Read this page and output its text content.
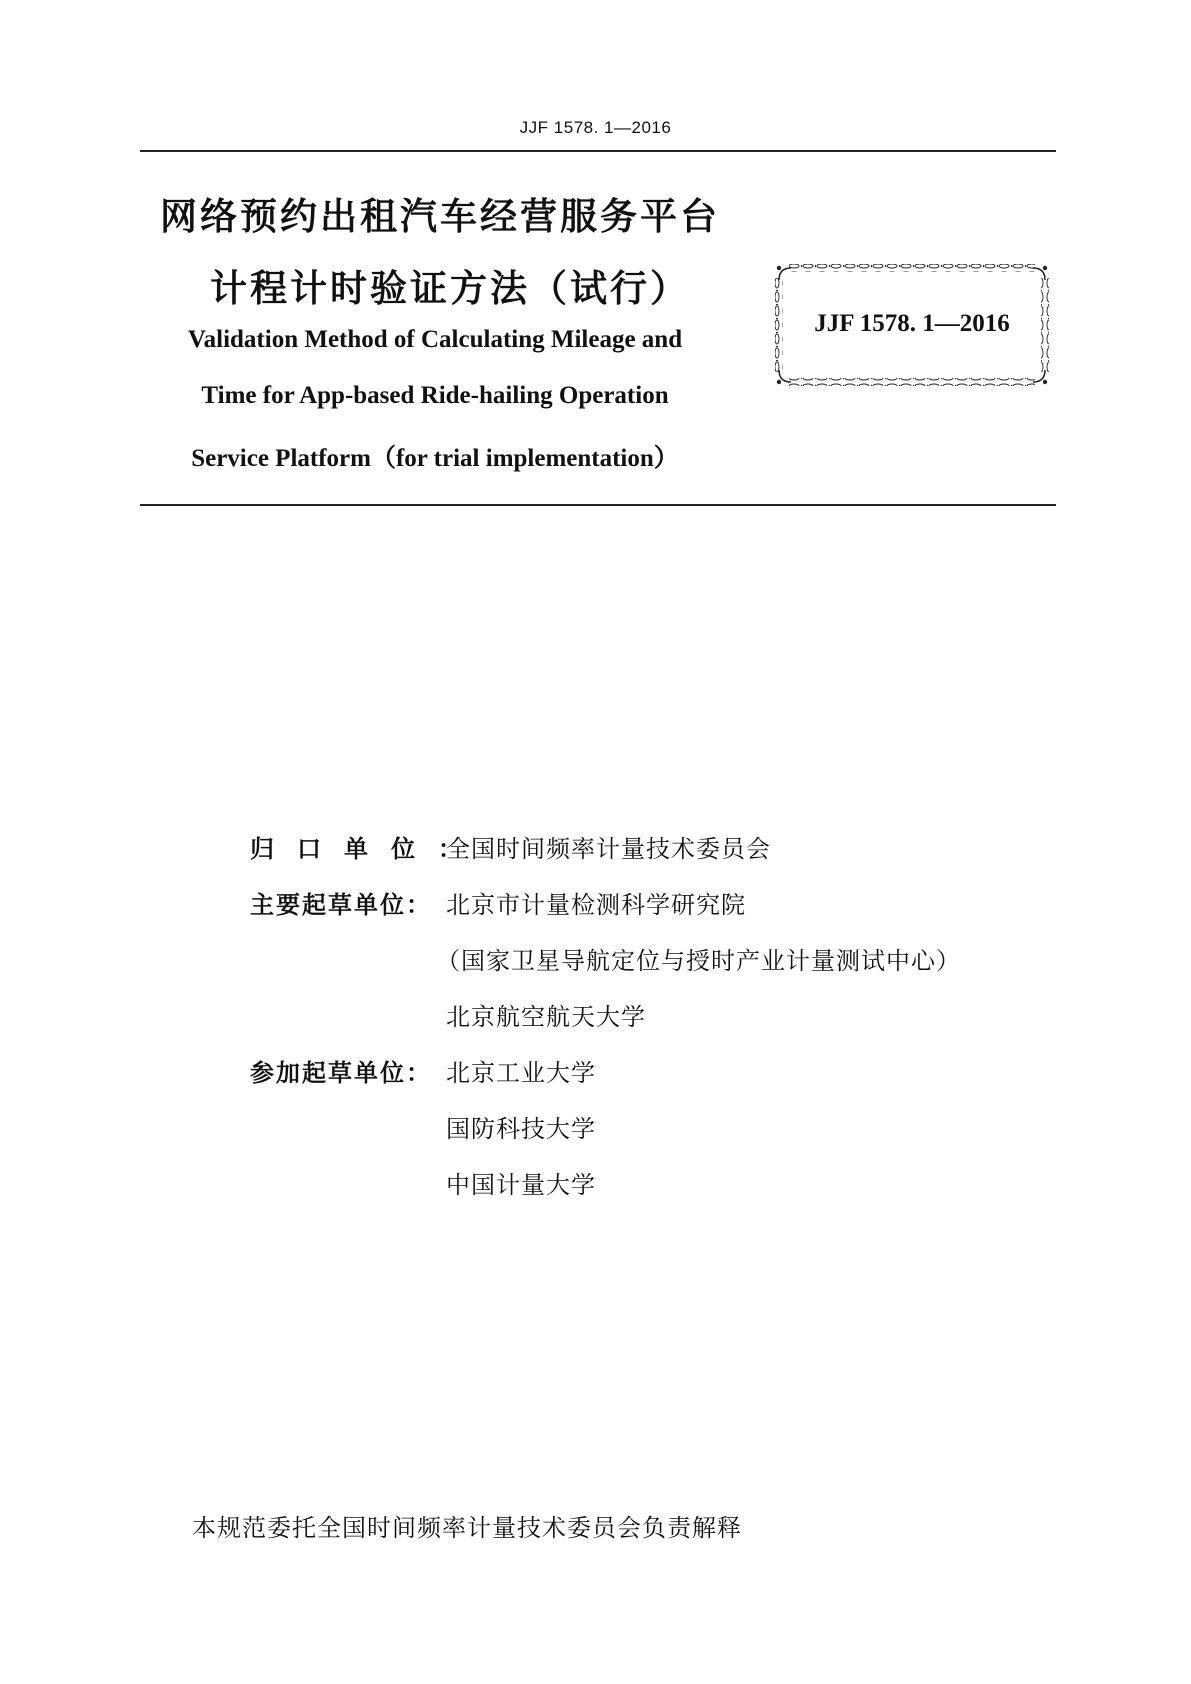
JJF 1578. 1—2016
网络预约出租汽车经营服务平台
计程计时验证方法（试行）
Validation Method of Calculating Mileage and
Time for App-based Ride-hailing Operation
Service Platform（for trial implementation）
JJF 1578. 1—2016
归口单位：
全国时间频率计量技术委员会
主要起草单位： 北京市计量检测科学研究院
（国家卫星导航定位与授时产业计量测试中心）
北京航空航天大学
参加起草单位： 北京工业大学
国防科技大学
中国计量大学
本规范委托全国时间频率计量技术委员会负责解释
